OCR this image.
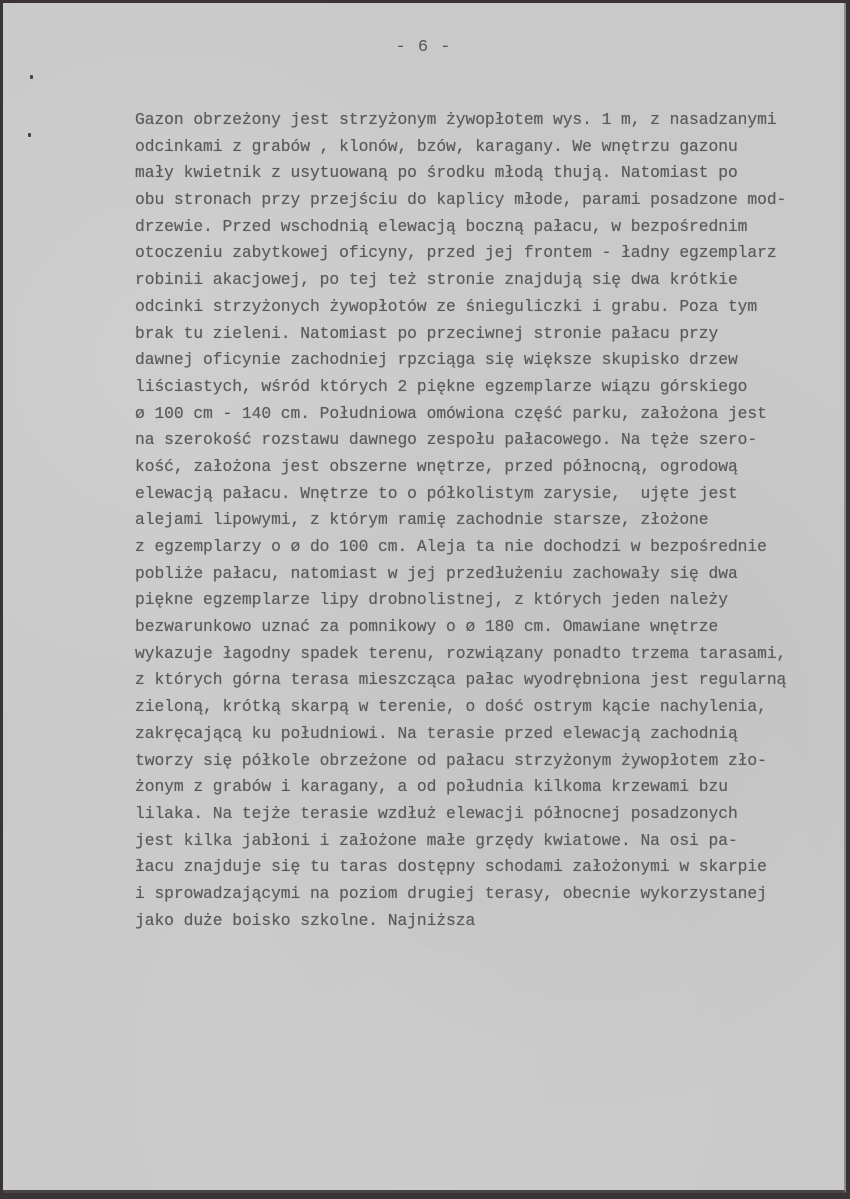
- 6 -
Gazon obrzeżony jest strzyżonym żywopłotem wys. 1 m, z nasadzanymi
odcinkami z grabów , klonów, bzów, karagany. We wnętrzu gazonu
mały kwietnik z usytuowaną po środku młodą thują. Natomiast po
obu stronach przy przejściu do kaplicy młode, parami posadzone mod-
drzewie. Przed wschodnią elewacją boczną pałacu, w bezpośrednim
otoczeniu zabytkowej oficyny, przed jej frontem - ładny egzemplarz
robinii akacjowej, po tej też stronie znajdują się dwa krótkie
odcinki strzyżonych żywopłotów ze śnieguliczki i grabu. Poza tym
brak tu zieleni. Natomiast po przeciwnej stronie pałacu przy
dawnej oficynie zachodniej rpzciąga się większe skupisko drzew
liściastych, wśród których 2 piękne egzemplarze wiązu górskiego
ø 100 cm - 140 cm. Południowa omówiona część parku, założona jest
na szerokość rozstawu dawnego zespołu pałacowego. Na tęże szero-
kość, założona jest obszerne wnętrze, przed północną, ogrodową
elewacją pałacu. Wnętrze to o półkolistym zarysie,  ujęte jest
alejami lipowymi, z którym ramię zachodnie starsze, złożone
z egzemplarzy o ø do 100 cm. Aleja ta nie dochodzi w bezpośrednie
pobliże pałacu, natomiast w jej przedłużeniu zachowały się dwa
piękne egzemplarze lipy drobnolistnej, z których jeden należy
bezwarunkowo uznać za pomnikowy o ø 180 cm. Omawiane wnętrze
wykazuje łagodny spadek terenu, rozwiązany ponadto trzema tarasami,
z których górna terasa mieszcząca pałac wyodrębniona jest regularną
zieloną, krótką skarpą w terenie, o dość ostrym kącie nachylenia,
zakręcającą ku południowi. Na terasie przed elewacją zachodnią
tworzy się półkole obrzeżone od pałacu strzyżonym żywopłotem zło-
żonym z grabów i karagany, a od południa kilkoma krzewami bzu
lilaka. Na tejże terasie wzdłuż elewacji północnej posadzonych
jest kilka jabłoni i założone małe grzędy kwiatowe. Na osi pa-
łacu znajduje się tu taras dostępny schodami założonymi w skarpie
i sprowadzającymi na poziom drugiej terasy, obecnie wykorzystanej
jako duże boisko szkolne. Najniższa
